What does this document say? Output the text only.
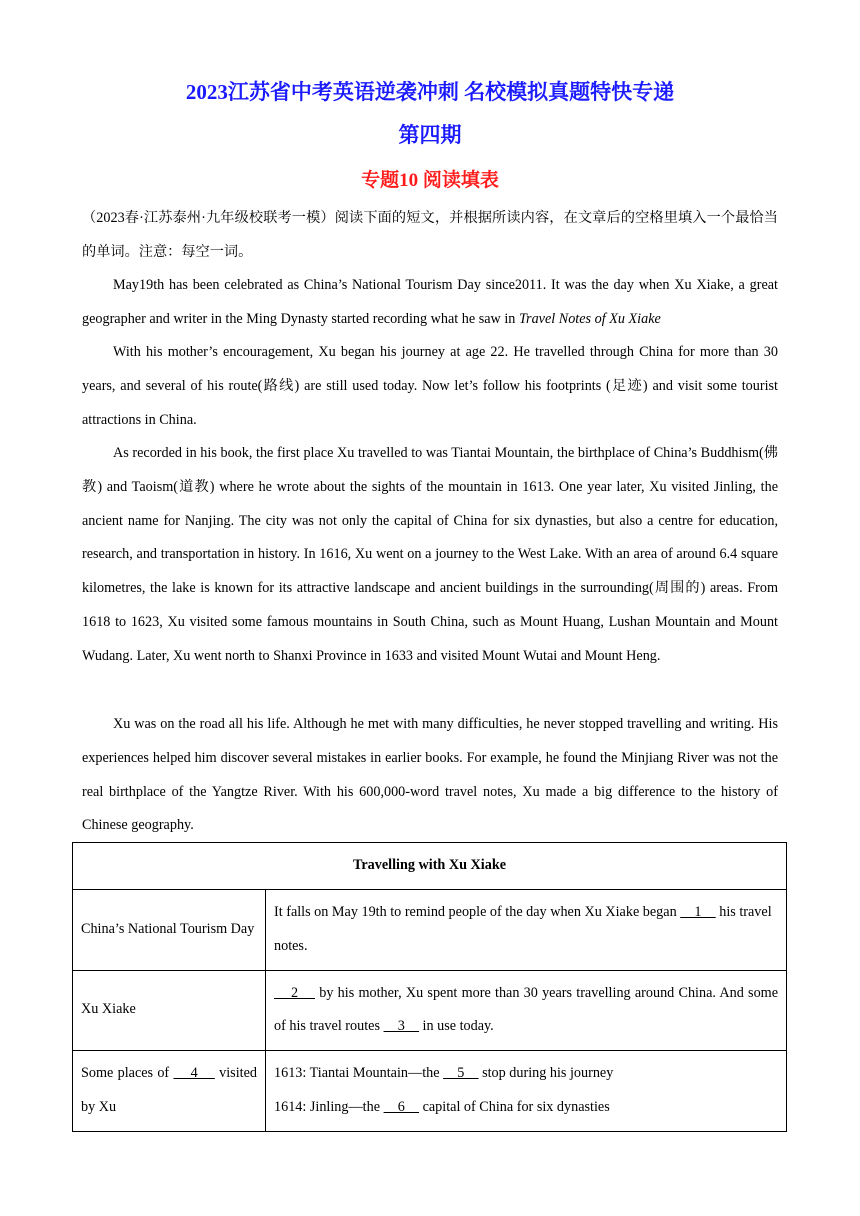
2023江苏省中考英语逆袭冲刺 名校模拟真题特快专递
第四期
专题10 阅读填表
（2023春·江苏泰州·九年级校联考一模）阅读下面的短文，并根据所读内容，在文章后的空格里填入一个最恰当的单词。注意：每空一词。
May19th has been celebrated as China’s National Tourism Day since2011. It was the day when Xu Xiake, a great geographer and writer in the Ming Dynasty started recording what he saw in Travel Notes of Xu Xiake
With his mother’s encouragement, Xu began his journey at age 22. He travelled through China for more than 30 years, and several of his route(路线) are still used today. Now let’s follow his footprints (足迹) and visit some tourist attractions in China.
As recorded in his book, the first place Xu travelled to was Tiantai Mountain, the birthplace of China’s Buddhism(佛教) and Taoism(道教) where he wrote about the sights of the mountain in 1613. One year later, Xu visited Jinling, the ancient name for Nanjing. The city was not only the capital of China for six dynasties, but also a centre for education, research, and transportation in history. In 1616, Xu went on a journey to the West Lake. With an area of around 6.4 square kilometres, the lake is known for its attractive landscape and ancient buildings in the surrounding(周围的) areas. From 1618 to 1623, Xu visited some famous mountains in South China, such as Mount Huang, Lushan Mountain and Mount Wudang. Later, Xu went north to Shanxi Province in 1633 and visited Mount Wutai and Mount Heng.
Xu was on the road all his life. Although he met with many difficulties, he never stopped travelling and writing. His experiences helped him discover several mistakes in earlier books. For example, he found the Minjiang River was not the real birthplace of the Yangtze River. With his 600,000-word travel notes, Xu made a big difference to the history of Chinese geography.
Travelling with Xu Xiake	
China’s National Tourism Day	It falls on May 19th to remind people of the day when Xu Xiake began     1     his travel notes.
Xu Xiake	2     by his mother, Xu spent more than 30 years travelling around China. And some of his travel routes     3     in use today.
Some places of     4     visited by Xu	1613: Tiantai Mountain—the     5     stop during his journey
1614: Jinling—the     6     capital of China for six dynasties
